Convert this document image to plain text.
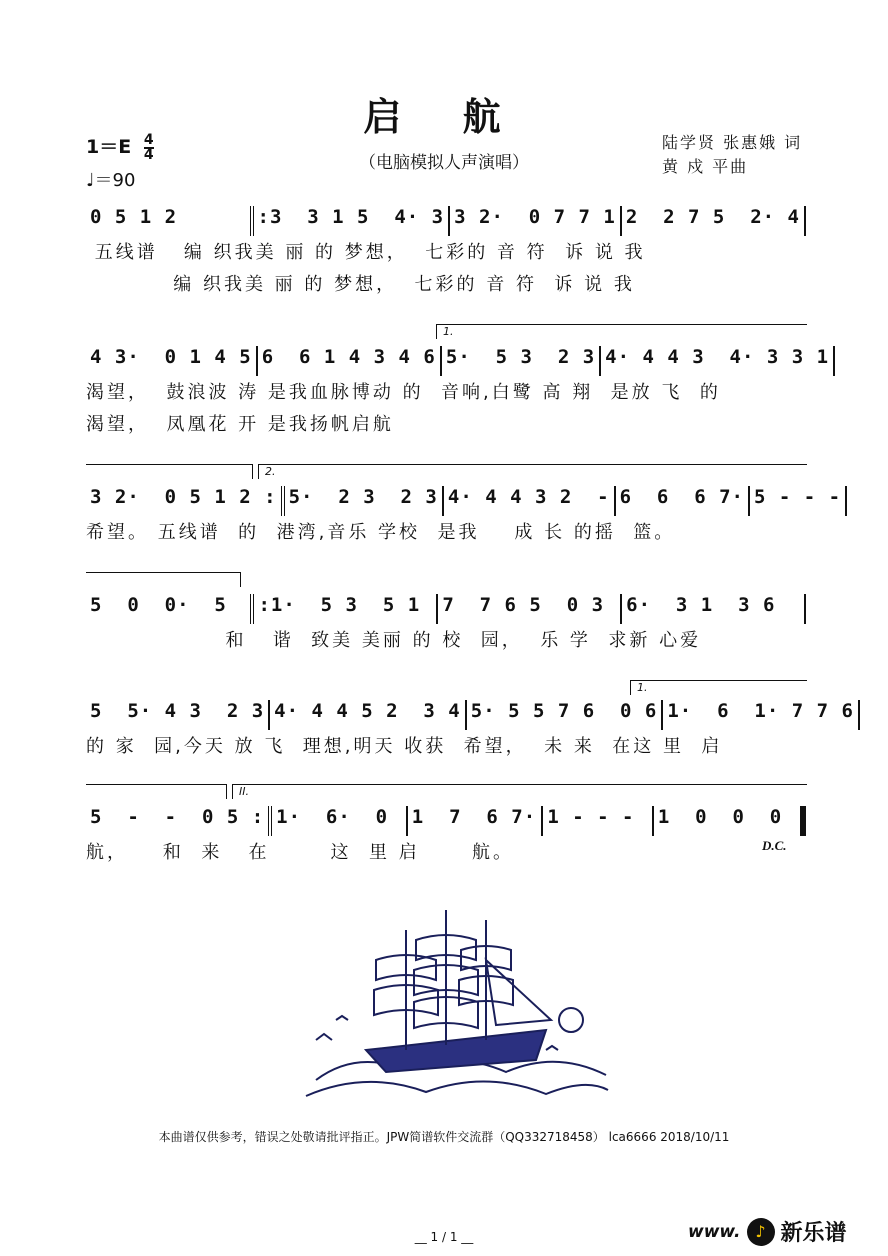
启 航
（电脑模拟人声演唱）
$1=E \frac{4}{4}$
♩＝90
陆学贤 张惠娥 词
黄 戍 平曲
0 5 1 2	:3  3 1 5  4· 3 3 2·  0 7 7 1 2  2 7 5  2· 4
五线谱   编 织我美 丽 的 梦想，  七彩的 音 符  诉 说 我
编 织我美 丽 的 梦想，  七彩的 音 符  诉 说 我
1.
4 3·  0 1 4 5 6  6 1 4 3 4 6 5·  5 3  2 3 4· 4 4 3  4· 3 3 1
渴望，  鼓浪波 涛 是我血脉博动 的  音响,白鹭 高 翔  是放 飞  的
渴望，  凤凰花 开 是我扬帆启航
2.
3 2·  0 5 1 2 : 5·  2 3  2 3 4· 4 4 3 2  - 6  6  6 7· 5 - - -
希望。 五线谱  的  港湾,音乐 学校  是我    成 长 的摇  篮。
5  0  0·  5	:1·  5 3  5 1	7  7 6 5  0 3	6·  3 1  3 6
和   谐  致美 美丽 的 校  园，  乐 学  求新 心爱
1.
5  5· 4 3  2 3 4· 4 4 5 2  3 4 5· 5 5 7 6  0 6 1·  6  1· 7 7 6
的 家  园,今天 放 飞  理想,明天 收获  希望，  未 来  在这 里  启
II.
5  -  -  0 5 : 1·  6·  0	1  7  6 7· 1 - - -	1  0  0  0
航，    和  来   在       这  里 启      航。	D.C.
本曲谱仅供参考，错误之处敬请批评指正。JPW简谱软件交流群（QQ332718458） lca6666 2018/10/11
__ 1 / 1 __	www. ♪ 新乐谱
